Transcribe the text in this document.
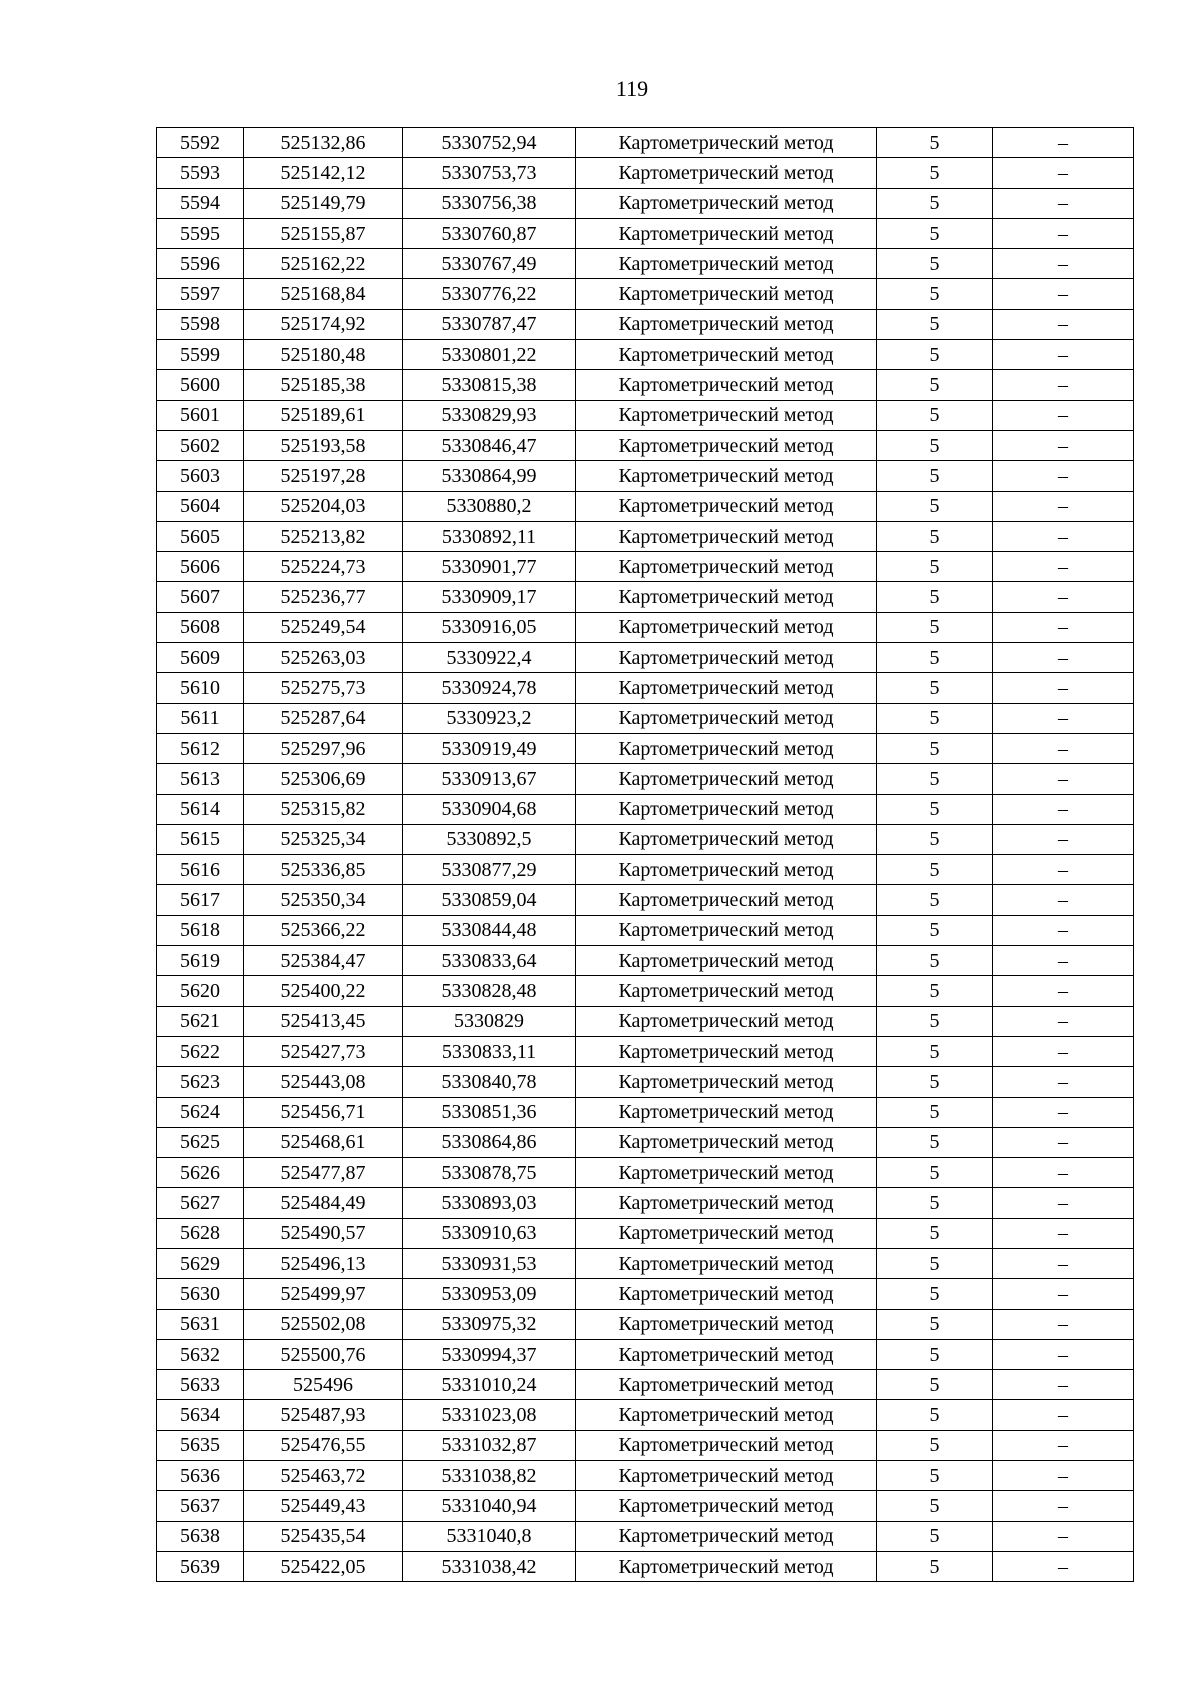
119
5592	525132,86	5330752,94	Картометрический метод	5	–
5593	525142,12	5330753,73	Картометрический метод	5	–
5594	525149,79	5330756,38	Картометрический метод	5	–
5595	525155,87	5330760,87	Картометрический метод	5	–
5596	525162,22	5330767,49	Картометрический метод	5	–
5597	525168,84	5330776,22	Картометрический метод	5	–
5598	525174,92	5330787,47	Картометрический метод	5	–
5599	525180,48	5330801,22	Картометрический метод	5	–
5600	525185,38	5330815,38	Картометрический метод	5	–
5601	525189,61	5330829,93	Картометрический метод	5	–
5602	525193,58	5330846,47	Картометрический метод	5	–
5603	525197,28	5330864,99	Картометрический метод	5	–
5604	525204,03	5330880,2	Картометрический метод	5	–
5605	525213,82	5330892,11	Картометрический метод	5	–
5606	525224,73	5330901,77	Картометрический метод	5	–
5607	525236,77	5330909,17	Картометрический метод	5	–
5608	525249,54	5330916,05	Картометрический метод	5	–
5609	525263,03	5330922,4	Картометрический метод	5	–
5610	525275,73	5330924,78	Картометрический метод	5	–
5611	525287,64	5330923,2	Картометрический метод	5	–
5612	525297,96	5330919,49	Картометрический метод	5	–
5613	525306,69	5330913,67	Картометрический метод	5	–
5614	525315,82	5330904,68	Картометрический метод	5	–
5615	525325,34	5330892,5	Картометрический метод	5	–
5616	525336,85	5330877,29	Картометрический метод	5	–
5617	525350,34	5330859,04	Картометрический метод	5	–
5618	525366,22	5330844,48	Картометрический метод	5	–
5619	525384,47	5330833,64	Картометрический метод	5	–
5620	525400,22	5330828,48	Картометрический метод	5	–
5621	525413,45	5330829	Картометрический метод	5	–
5622	525427,73	5330833,11	Картометрический метод	5	–
5623	525443,08	5330840,78	Картометрический метод	5	–
5624	525456,71	5330851,36	Картометрический метод	5	–
5625	525468,61	5330864,86	Картометрический метод	5	–
5626	525477,87	5330878,75	Картометрический метод	5	–
5627	525484,49	5330893,03	Картометрический метод	5	–
5628	525490,57	5330910,63	Картометрический метод	5	–
5629	525496,13	5330931,53	Картометрический метод	5	–
5630	525499,97	5330953,09	Картометрический метод	5	–
5631	525502,08	5330975,32	Картометрический метод	5	–
5632	525500,76	5330994,37	Картометрический метод	5	–
5633	525496	5331010,24	Картометрический метод	5	–
5634	525487,93	5331023,08	Картометрический метод	5	–
5635	525476,55	5331032,87	Картометрический метод	5	–
5636	525463,72	5331038,82	Картометрический метод	5	–
5637	525449,43	5331040,94	Картометрический метод	5	–
5638	525435,54	5331040,8	Картометрический метод	5	–
5639	525422,05	5331038,42	Картометрический метод	5	–
